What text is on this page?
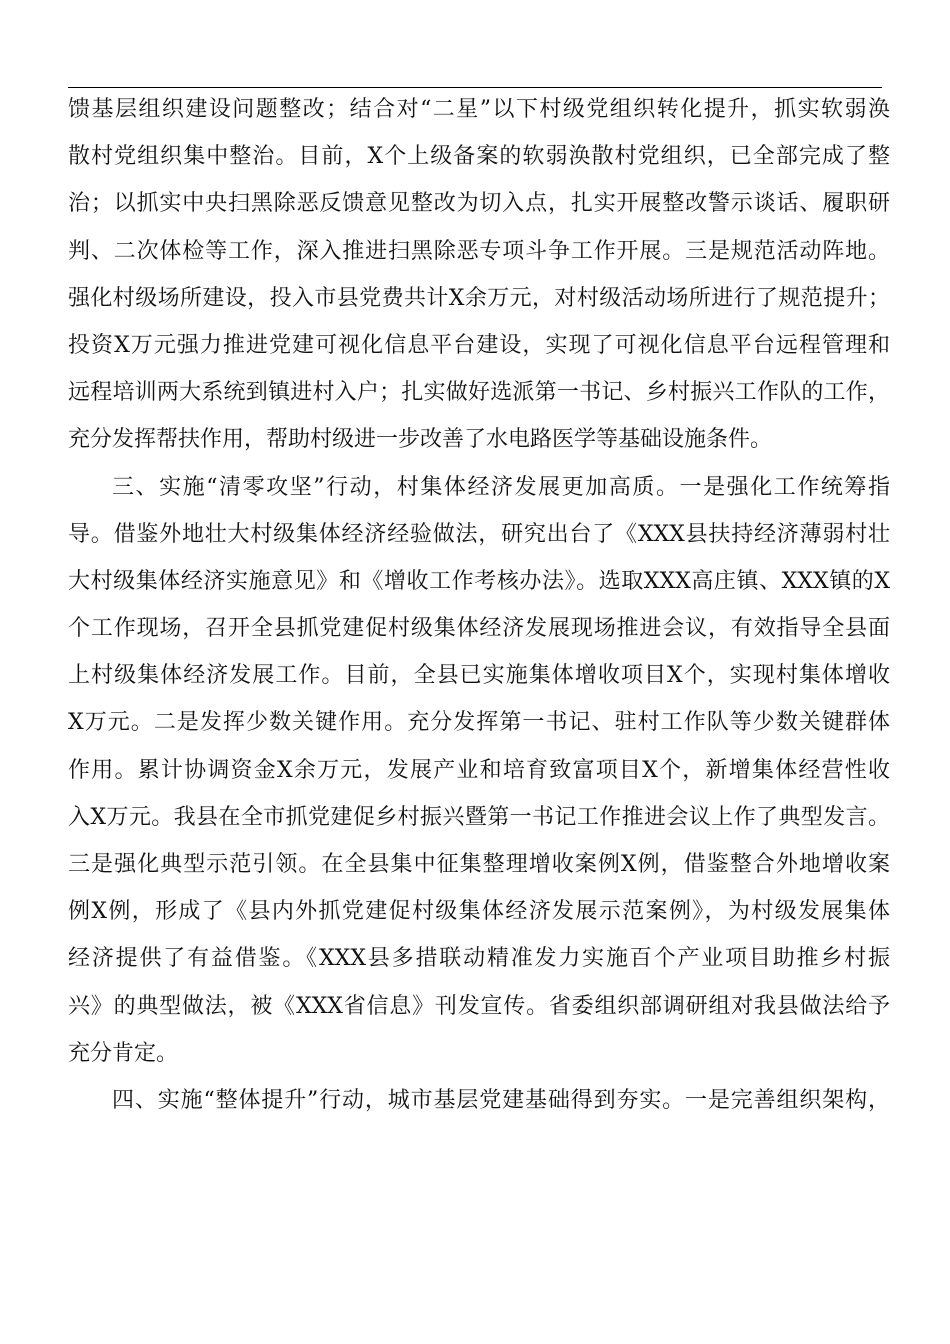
馈基层组织建设问题整改；结合对“二星”以下村级党组织转化提升，抓实软弱涣
散村党组织集中整治。目前，X个上级备案的软弱涣散村党组织，已全部完成了整
治；以抓实中央扫黑除恶反馈意见整改为切入点，扎实开展整改警示谈话、履职研
判、二次体检等工作，深入推进扫黑除恶专项斗争工作开展。三是规范活动阵地。
强化村级场所建设，投入市县党费共计X余万元，对村级活动场所进行了规范提升；
投资X万元强力推进党建可视化信息平台建设，实现了可视化信息平台远程管理和
远程培训两大系统到镇进村入户；扎实做好选派第一书记、乡村振兴工作队的工作，
充分发挥帮扶作用，帮助村级进一步改善了水电路医学等基础设施条件。
三、实施“清零攻坚”行动，村集体经济发展更加高质。一是强化工作统筹指
导。借鉴外地壮大村级集体经济经验做法，研究出台了《XXX县扶持经济薄弱村壮
大村级集体经济实施意见》和《增收工作考核办法》。选取XXX高庄镇、XXX镇的X
个工作现场，召开全县抓党建促村级集体经济发展现场推进会议，有效指导全县面
上村级集体经济发展工作。目前，全县已实施集体增收项目X个，实现村集体增收
X万元。二是发挥少数关键作用。充分发挥第一书记、驻村工作队等少数关键群体
作用。累计协调资金X余万元，发展产业和培育致富项目X个，新增集体经营性收
入X万元。我县在全市抓党建促乡村振兴暨第一书记工作推进会议上作了典型发言。
三是强化典型示范引领。在全县集中征集整理增收案例X例，借鉴整合外地增收案
例X例，形成了《县内外抓党建促村级集体经济发展示范案例》，为村级发展集体
经济提供了有益借鉴。《XXX县多措联动精准发力实施百个产业项目助推乡村振
兴》的典型做法，被《XXX省信息》刊发宣传。省委组织部调研组对我县做法给予
充分肯定。
四、实施“整体提升”行动，城市基层党建基础得到夯实。一是完善组织架构，
